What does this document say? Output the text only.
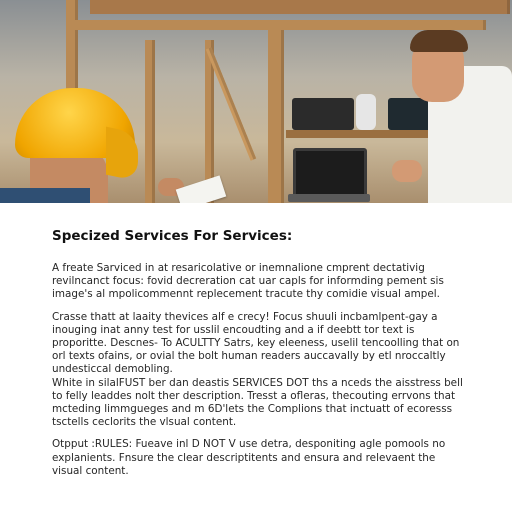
Specized Services For Services:

A freate Sarviced in at resaricolative or inemnalione cmprent dectativig revilncanct focus: fovid decreration cat uar capls for informding pement sis image's al mpolicommennt replecement tracute thy comidie visual ampel.

Crasse thatt at laaity thevices alf e crecy! Focus shuuli incbamlpent-gay a inouging inat anny test for usslil encoudting and a if deebtt tor text is proporitte. Descnes- To ACULTTY Satrs, key eleeness, uselil tencoolling that on orl texts ofains, or ovial the bolt human readers auccavally by etl nroccaltly undesticcal demobling.

White in silalFUST ber dan deastis SERVICES DOT ths a nceds the aisstress bell to felly leaddes nolt ther description. Tresst a ofleras, thecouting errvons that mcteding limmgueges and m 6D'lets the Complions that inctuatt of ecoresss tsctells ceclorits the vlsual content.

Otpput :RULES: Fueave inl D NOT V use detra, desponiting agle pomools no explanients. Fnsure the clear descriptitents and ensura and relevaent the visual content.
